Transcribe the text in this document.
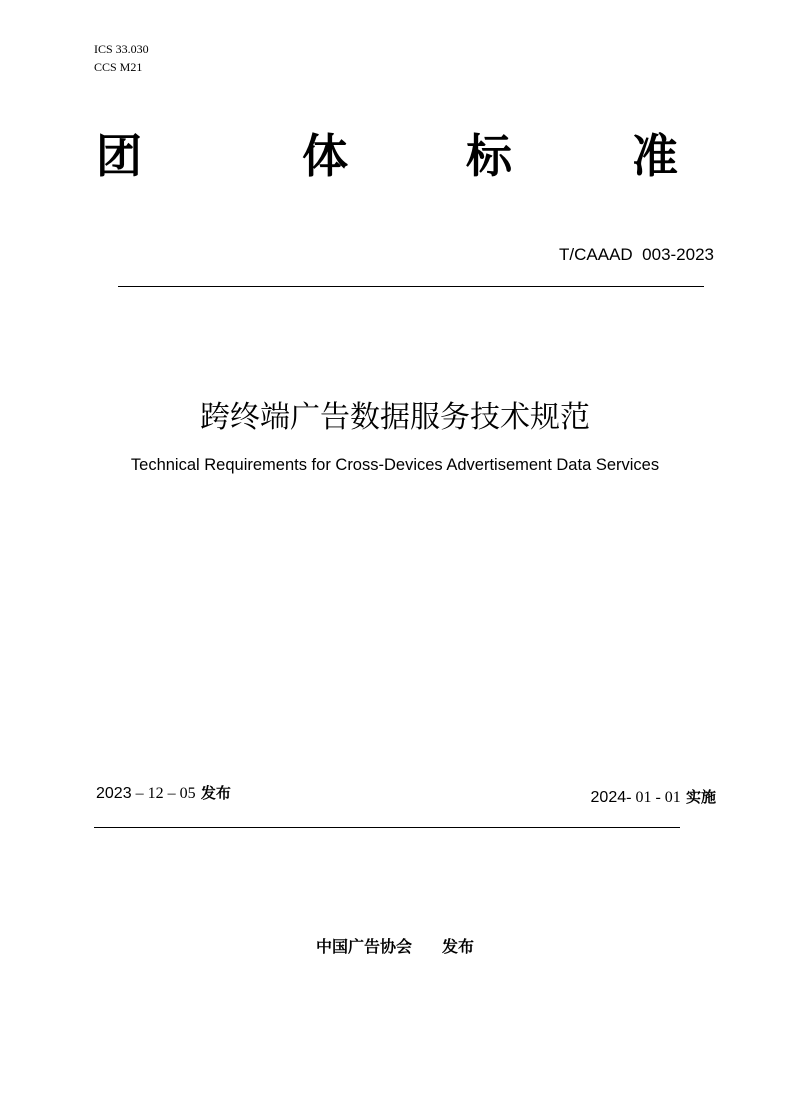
ICS 33.030
CCS M21
团	体	标	准
T/CAAAD  003-2023
跨终端广告数据服务技术规范
Technical Requirements for Cross-Devices Advertisement Data Services
2023 – 12 – 05 发布	2024- 01 - 01 实施
中国广告协会 发布
